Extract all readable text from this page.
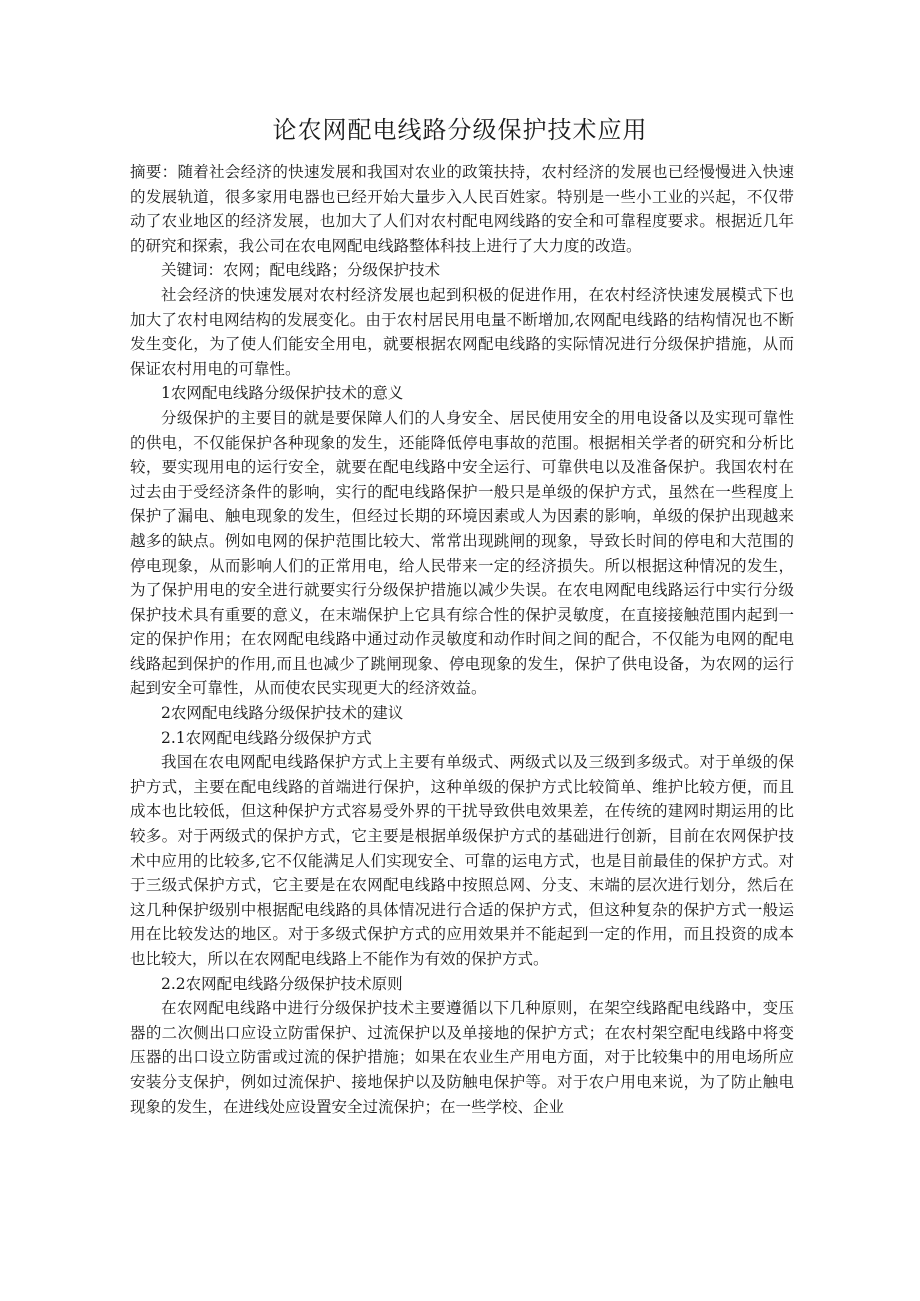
论农网配电线路分级保护技术应用

摘要：随着社会经济的快速发展和我国对农业的政策扶持，农村经济的发展也已经慢慢进入快速的发展轨道，很多家用电器也已经开始大量步入人民百姓家。特别是一些小工业的兴起，不仅带动了农业地区的经济发展，也加大了人们对农村配电网线路的安全和可靠程度要求。根据近几年的研究和探索，我公司在农电网配电线路整体科技上进行了大力度的改造。

关键词：农网；配电线路；分级保护技术

社会经济的快速发展对农村经济发展也起到积极的促进作用，在农村经济快速发展模式下也加大了农村电网结构的发展变化。由于农村居民用电量不断增加,农网配电线路的结构情况也不断发生变化，为了使人们能安全用电，就要根据农网配电线路的实际情况进行分级保护措施，从而保证农村用电的可靠性。

1农网配电线路分级保护技术的意义

分级保护的主要目的就是要保障人们的人身安全、居民使用安全的用电设备以及实现可靠性的供电，不仅能保护各种现象的发生，还能降低停电事故的范围。根据相关学者的研究和分析比较，要实现用电的运行安全，就要在配电线路中安全运行、可靠供电以及准备保护。我国农村在过去由于受经济条件的影响，实行的配电线路保护一般只是单级的保护方式，虽然在一些程度上保护了漏电、触电现象的发生，但经过长期的环境因素或人为因素的影响，单级的保护出现越来越多的缺点。例如电网的保护范围比较大、常常出现跳闸的现象，导致长时间的停电和大范围的停电现象，从而影响人们的正常用电，给人民带来一定的经济损失。所以根据这种情况的发生，为了保护用电的安全进行就要实行分级保护措施以减少失误。在农电网配电线路运行中实行分级保护技术具有重要的意义，在末端保护上它具有综合性的保护灵敏度，在直接接触范围内起到一定的保护作用；在农网配电线路中通过动作灵敏度和动作时间之间的配合，不仅能为电网的配电线路起到保护的作用,而且也减少了跳闸现象、停电现象的发生，保护了供电设备，为农网的运行起到安全可靠性，从而使农民实现更大的经济效益。

2农网配电线路分级保护技术的建议

2.1农网配电线路分级保护方式

我国在农电网配电线路保护方式上主要有单级式、两级式以及三级到多级式。对于单级的保护方式，主要在配电线路的首端进行保护，这种单级的保护方式比较简单、维护比较方便，而且成本也比较低，但这种保护方式容易受外界的干扰导致供电效果差，在传统的建网时期运用的比较多。对于两级式的保护方式，它主要是根据单级保护方式的基础进行创新，目前在农网保护技术中应用的比较多,它不仅能满足人们实现安全、可靠的运电方式，也是目前最佳的保护方式。对于三级式保护方式，它主要是在农网配电线路中按照总网、分支、末端的层次进行划分，然后在这几种保护级别中根据配电线路的具体情况进行合适的保护方式，但这种复杂的保护方式一般运用在比较发达的地区。对于多级式保护方式的应用效果并不能起到一定的作用，而且投资的成本也比较大，所以在农网配电线路上不能作为有效的保护方式。

2.2农网配电线路分级保护技术原则

在农网配电线路中进行分级保护技术主要遵循以下几种原则，在架空线路配电线路中，变压器的二次侧出口应设立防雷保护、过流保护以及单接地的保护方式；在农村架空配电线路中将变压器的出口设立防雷或过流的保护措施；如果在农业生产用电方面，对于比较集中的用电场所应安装分支保护，例如过流保护、接地保护以及防触电保护等。对于农户用电来说，为了防止触电现象的发生，在进线处应设置安全过流保护；在一些学校、企业
